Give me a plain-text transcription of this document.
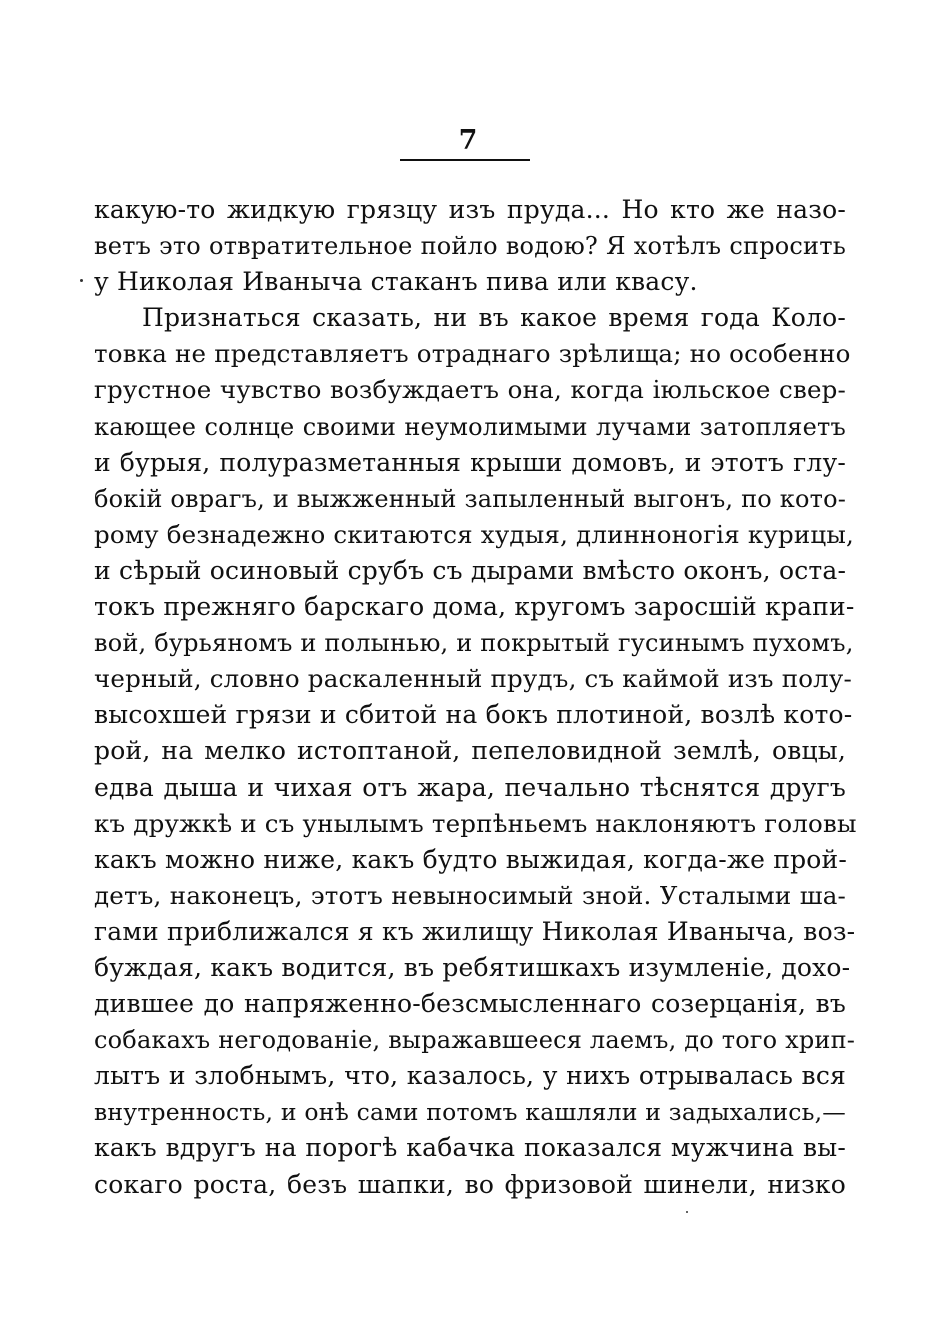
7
какую-то жидкую грязцу изъ пруда... Но кто же назо-
ветъ это отвратительное пойло водою? Я хотѣлъ спросить
у Николая Иваныча стаканъ пива или квасу.
Признаться сказать, ни въ какое время года Коло-
товка не представляетъ отраднаго зрѣлища; но особенно
грустное чувство возбуждаетъ она, когда іюльское свер-
кающее солнце своими неумолимыми лучами затопляетъ
и бурыя, полуразметанныя крыши домовъ, и этотъ глу-
бокій оврагъ, и выжженный запыленный выгонъ, по кото-
рому безнадежно скитаются худыя, длинноногія курицы,
и сѣрый осиновый срубъ съ дырами вмѣсто оконъ, оста-
токъ прежняго барскаго дома, кругомъ заросшій крапи-
вой, бурьяномъ и полынью, и покрытый гусинымъ пухомъ,
черный, словно раскаленный прудъ, съ каймой изъ полу-
высохшей грязи и сбитой на бокъ плотиной, возлѣ кото-
рой, на мелко истоптаной, пепеловидной землѣ, овцы,
едва дыша и чихая отъ жара, печально тѣснятся другъ
къ дружкѣ и съ унылымъ терпѣньемъ наклоняютъ головы
какъ можно ниже, какъ будто выжидая, когда-же прой-
детъ, наконецъ, этотъ невыносимый зной. Усталыми ша-
гами приближался я къ жилищу Николая Иваныча, воз-
буждая, какъ водится, въ ребятишкахъ изумленіе, дохо-
дившее до напряженно-безсмысленнаго созерцанія, въ
собакахъ негодованіе, выражавшееся лаемъ, до того хрип-
лытъ и злобнымъ, что, казалось, у нихъ отрывалась вся
внутренность, и онѣ сами потомъ кашляли и задыхались,—
какъ вдругъ на порогѣ кабачка показался мужчина вы-
сокаго роста, безъ шапки, во фризовой шинели, низко
